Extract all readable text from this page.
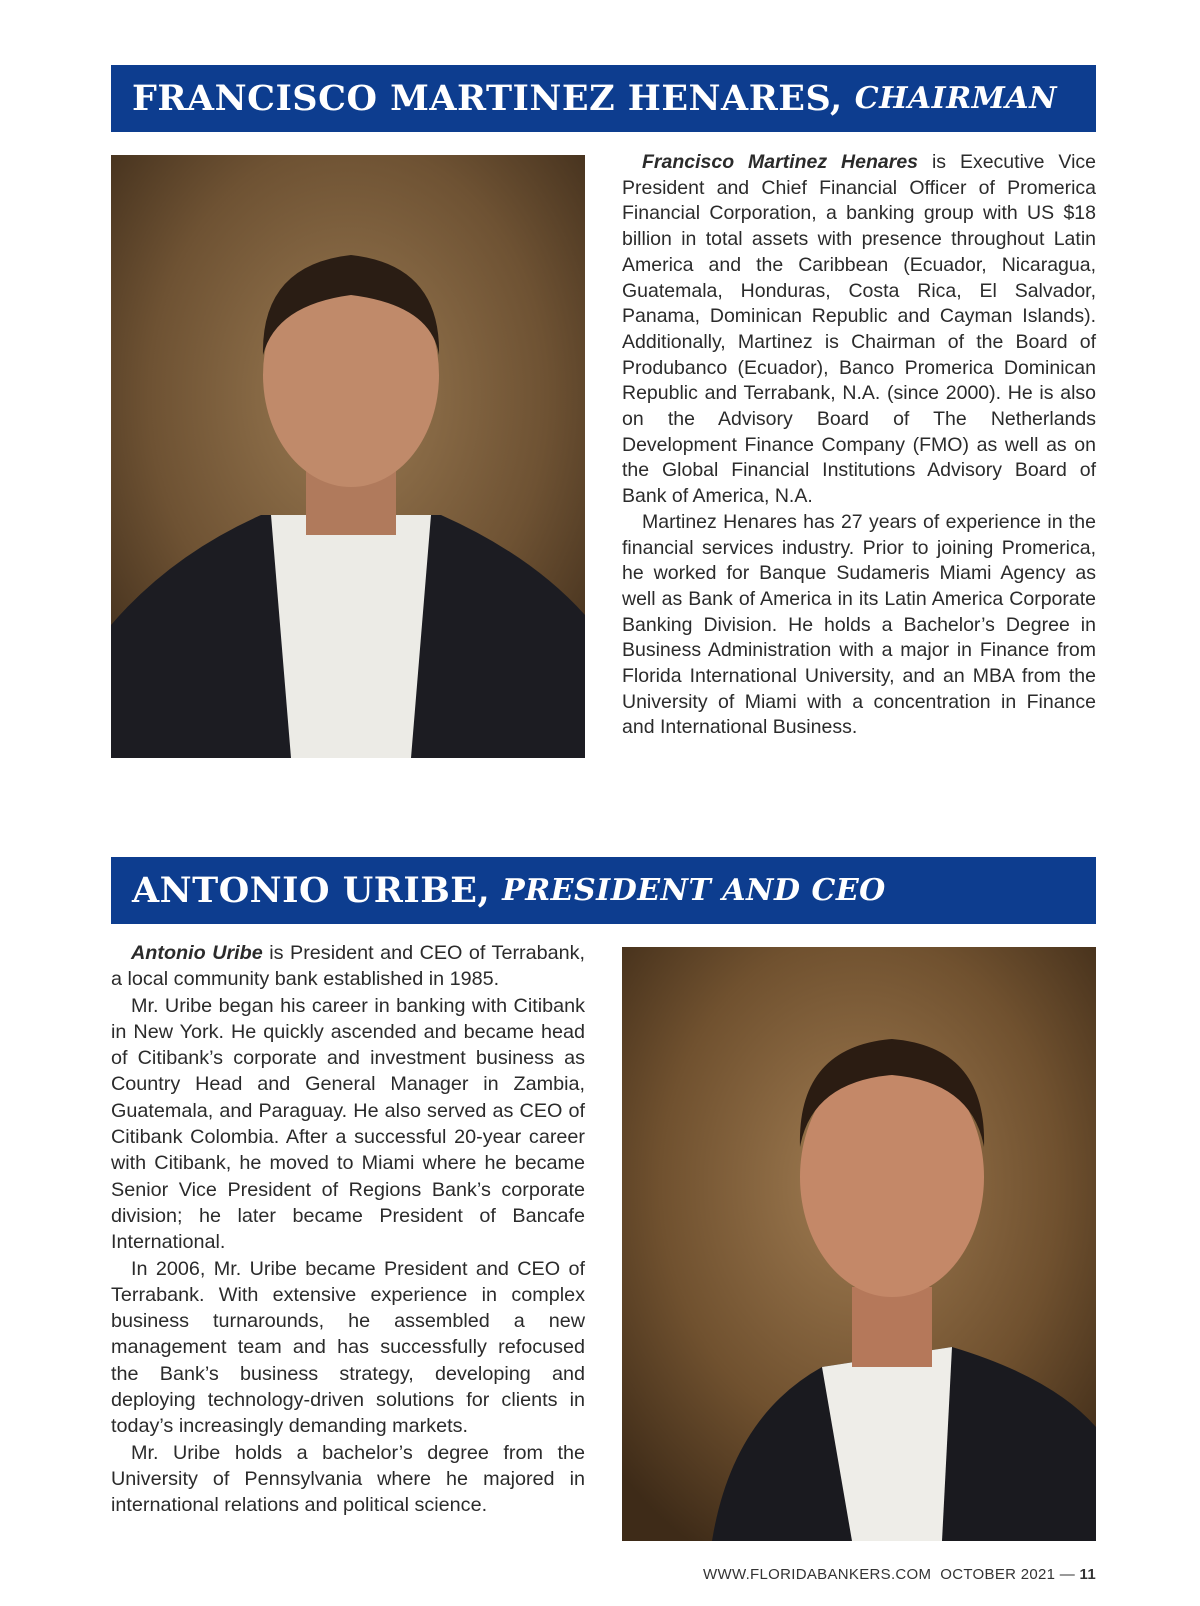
FRANCISCO MARTINEZ HENARES, CHAIRMAN

Francisco Martinez Henares is Executive Vice President and Chief Financial Officer of Promerica Financial Corporation, a banking group with US $18 billion in total assets with presence throughout Latin America and the Caribbean (Ecuador, Nicaragua, Guatemala, Honduras, Costa Rica, El Salvador, Panama, Dominican Republic and Cayman Islands). Additionally, Martinez is Chairman of the Board of Produbanco (Ecuador), Banco Promerica Dominican Republic and Terrabank, N.A. (since 2000). He is also on the Advisory Board of The Netherlands Development Finance Company (FMO) as well as on the Global Financial Institutions Advisory Board of Bank of America, N.A.

Martinez Henares has 27 years of experience in the financial services industry. Prior to joining Promerica, he worked for Banque Sudameris Miami Agency as well as Bank of America in its Latin America Corporate Banking Division. He holds a Bachelor’s Degree in Business Administration with a major in Finance from Florida International University, and an MBA from the University of Miami with a concentration in Finance and International Business.

ANTONIO URIBE, PRESIDENT AND CEO

Antonio Uribe is President and CEO of Terrabank, a local community bank established in 1985.

Mr. Uribe began his career in banking with Citibank in New York. He quickly ascended and became head of Citibank’s corporate and investment business as Country Head and General Manager in Zambia, Guatemala, and Paraguay. He also served as CEO of Citibank Colombia. After a successful 20-year career with Citibank, he moved to Miami where he became Senior Vice President of Regions Bank’s corporate division; he later became President of Bancafe International.

In 2006, Mr. Uribe became President and CEO of Terrabank. With extensive experience in complex business turnarounds, he assembled a new management team and has successfully refocused the Bank’s business strategy, developing and deploying technology-driven solutions for clients in today’s increasingly demanding markets.

Mr. Uribe holds a bachelor’s degree from the University of Pennsylvania where he majored in international relations and political science.

WWW.FLORIDABANKERS.COM OCTOBER 2021 — 11
